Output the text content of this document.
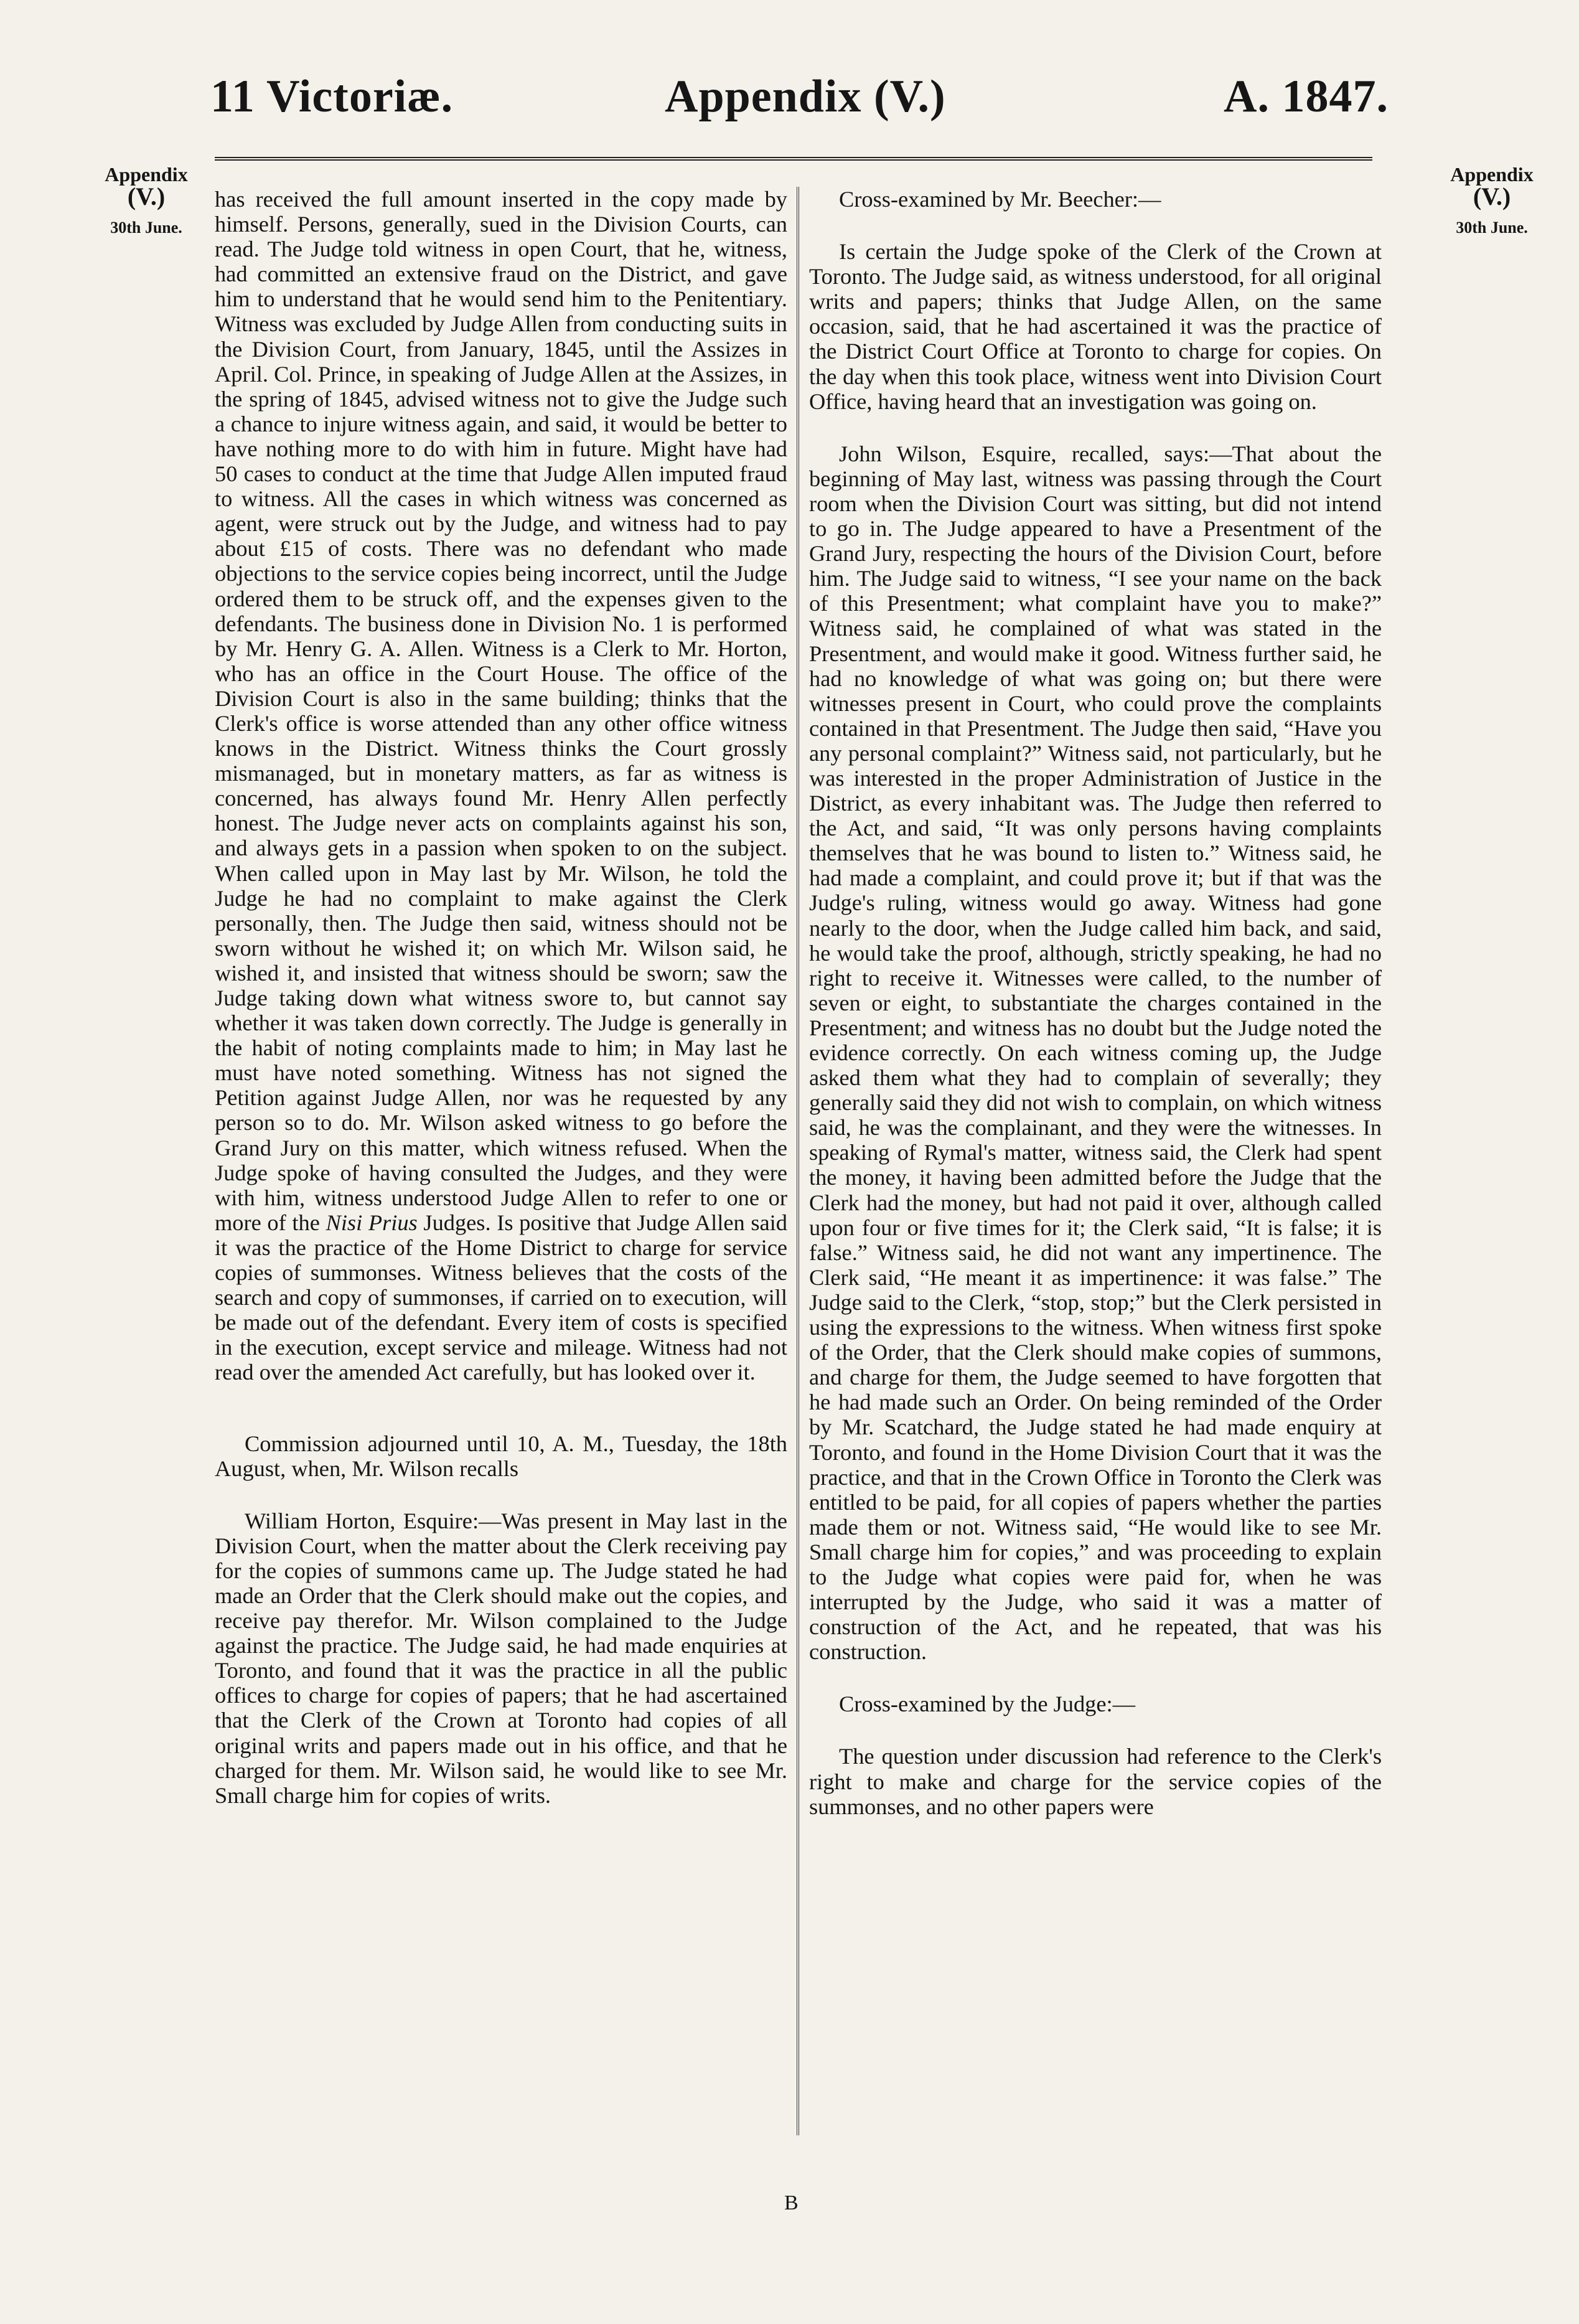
11 Victoriæ.	Appendix (V.)	A. 1847.
Appendix
(V.)
30th June.
Appendix
(V.)
30th June.

has received the full amount inserted in the copy made by himself. Persons, generally, sued in the Division Courts, can read. The Judge told witness in open Court, that he, witness, had committed an extensive fraud on the District, and gave him to understand that he would send him to the Penitentiary. Witness was excluded by Judge Allen from conducting suits in the Division Court, from January, 1845, until the Assizes in April. Col. Prince, in speaking of Judge Allen at the Assizes, in the spring of 1845, advised witness not to give the Judge such a chance to injure witness again, and said, it would be better to have nothing more to do with him in future. Might have had 50 cases to conduct at the time that Judge Allen imputed fraud to witness. All the cases in which witness was concerned as agent, were struck out by the Judge, and witness had to pay about £15 of costs. There was no defendant who made objections to the service copies being incorrect, until the Judge ordered them to be struck off, and the expenses given to the defendants. The business done in Division No. 1 is performed by Mr. Henry G. A. Allen. Witness is a Clerk to Mr. Horton, who has an office in the Court House. The office of the Division Court is also in the same building; thinks that the Clerk's office is worse attended than any other office witness knows in the District. Witness thinks the Court grossly mismanaged, but in monetary matters, as far as witness is concerned, has always found Mr. Henry Allen perfectly honest. The Judge never acts on complaints against his son, and always gets in a passion when spoken to on the subject. When called upon in May last by Mr. Wilson, he told the Judge he had no complaint to make against the Clerk personally, then. The Judge then said, witness should not be sworn without he wished it; on which Mr. Wilson said, he wished it, and insisted that witness should be sworn; saw the Judge taking down what witness swore to, but cannot say whether it was taken down correctly. The Judge is generally in the habit of noting complaints made to him; in May last he must have noted something. Witness has not signed the Petition against Judge Allen, nor was he requested by any person so to do. Mr. Wilson asked witness to go before the Grand Jury on this matter, which witness refused. When the Judge spoke of having consulted the Judges, and they were with him, witness understood Judge Allen to refer to one or more of the Nisi Prius Judges. Is positive that Judge Allen said it was the practice of the Home District to charge for service copies of summonses. Witness believes that the costs of the search and copy of summonses, if carried on to execution, will be made out of the defendant. Every item of costs is specified in the execution, except service and mileage. Witness had not read over the amended Act carefully, but has looked over it.

Commission adjourned until 10, A. M., Tuesday, the 18th August, when, Mr. Wilson recalls

William Horton, Esquire:—Was present in May last in the Division Court, when the matter about the Clerk receiving pay for the copies of summons came up. The Judge stated he had made an Order that the Clerk should make out the copies, and receive pay therefor. Mr. Wilson complained to the Judge against the practice. The Judge said, he had made enquiries at Toronto, and found that it was the practice in all the public offices to charge for copies of papers; that he had ascertained that the Clerk of the Crown at Toronto had copies of all original writs and papers made out in his office, and that he charged for them. Mr. Wilson said, he would like to see Mr. Small charge him for copies of writs.

Cross-examined by Mr. Beecher:—

Is certain the Judge spoke of the Clerk of the Crown at Toronto. The Judge said, as witness understood, for all original writs and papers; thinks that Judge Allen, on the same occasion, said, that he had ascertained it was the practice of the District Court Office at Toronto to charge for copies. On the day when this took place, witness went into Division Court Office, having heard that an investigation was going on.

John Wilson, Esquire, recalled, says:—That about the beginning of May last, witness was passing through the Court room when the Division Court was sitting, but did not intend to go in. The Judge appeared to have a Presentment of the Grand Jury, respecting the hours of the Division Court, before him. The Judge said to witness, “I see your name on the back of this Presentment; what complaint have you to make?” Witness said, he complained of what was stated in the Presentment, and would make it good. Witness further said, he had no knowledge of what was going on; but there were witnesses present in Court, who could prove the complaints contained in that Presentment. The Judge then said, “Have you any personal complaint?” Witness said, not particularly, but he was interested in the proper Administration of Justice in the District, as every inhabitant was. The Judge then referred to the Act, and said, “It was only persons having complaints themselves that he was bound to listen to.” Witness said, he had made a complaint, and could prove it; but if that was the Judge's ruling, witness would go away. Witness had gone nearly to the door, when the Judge called him back, and said, he would take the proof, although, strictly speaking, he had no right to receive it. Witnesses were called, to the number of seven or eight, to substantiate the charges contained in the Presentment; and witness has no doubt but the Judge noted the evidence correctly. On each witness coming up, the Judge asked them what they had to complain of severally; they generally said they did not wish to complain, on which witness said, he was the complainant, and they were the witnesses. In speaking of Rymal's matter, witness said, the Clerk had spent the money, it having been admitted before the Judge that the Clerk had the money, but had not paid it over, although called upon four or five times for it; the Clerk said, “It is false; it is false.” Witness said, he did not want any impertinence. The Clerk said, “He meant it as impertinence: it was false.” The Judge said to the Clerk, “stop, stop;” but the Clerk persisted in using the expressions to the witness. When witness first spoke of the Order, that the Clerk should make copies of summons, and charge for them, the Judge seemed to have forgotten that he had made such an Order. On being reminded of the Order by Mr. Scatchard, the Judge stated he had made enquiry at Toronto, and found in the Home Division Court that it was the practice, and that in the Crown Office in Toronto the Clerk was entitled to be paid, for all copies of papers whether the parties made them or not. Witness said, “He would like to see Mr. Small charge him for copies,” and was proceeding to explain to the Judge what copies were paid for, when he was interrupted by the Judge, who said it was a matter of construction of the Act, and he repeated, that was his construction.

Cross-examined by the Judge:—

The question under discussion had reference to the Clerk's right to make and charge for the service copies of the summonses, and no other papers were

B
